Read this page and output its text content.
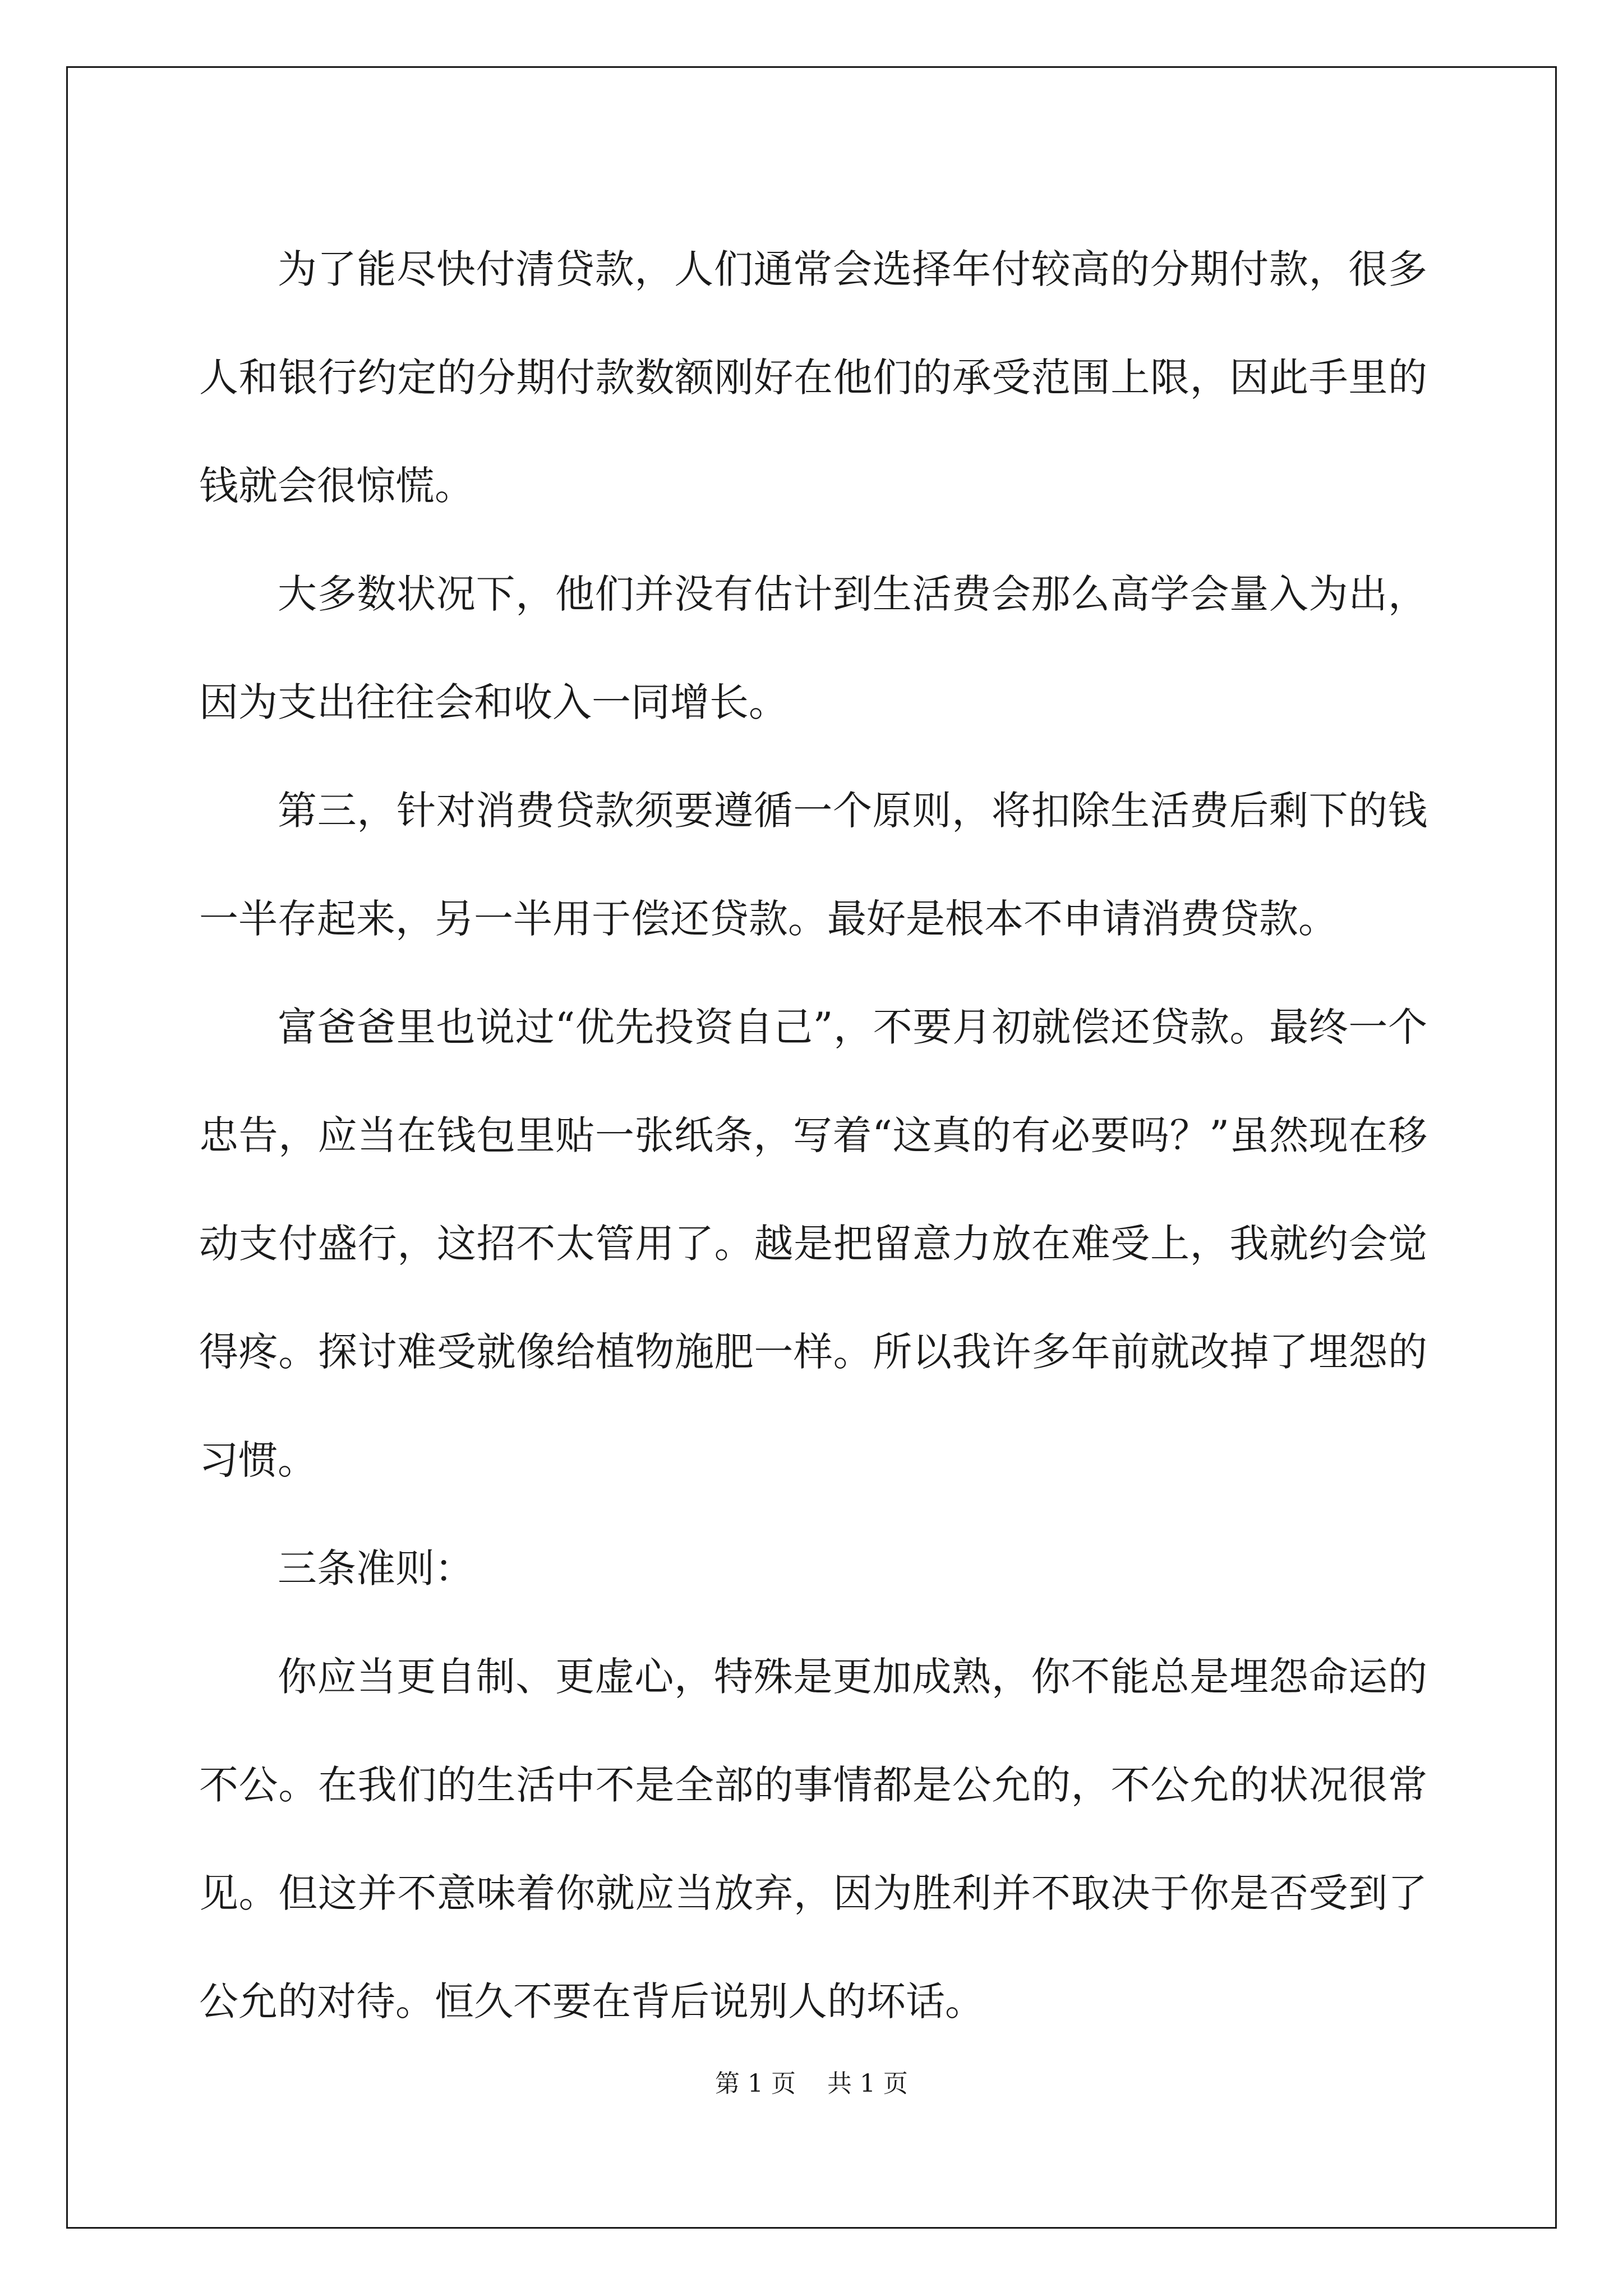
为了能尽快付清贷款，人们通常会选择年付较高的分期付款，很多人和银行约定的分期付款数额刚好在他们的承受范围上限，因此手里的钱就会很惊慌。

大多数状况下，他们并没有估计到生活费会那么高学会量入为出，因为支出往往会和收入一同增长。

第三，针对消费贷款须要遵循一个原则，将扣除生活费后剩下的钱一半存起来，另一半用于偿还贷款。最好是根本不申请消费贷款。

富爸爸里也说过“优先投资自己”，不要月初就偿还贷款。最终一个忠告，应当在钱包里贴一张纸条，写着“这真的有必要吗？”虽然现在移动支付盛行，这招不太管用了。越是把留意力放在难受上，我就约会觉得疼。探讨难受就像给植物施肥一样。所以我许多年前就改掉了埋怨的习惯。

三条准则：

你应当更自制、更虚心，特殊是更加成熟，你不能总是埋怨命运的不公。在我们的生活中不是全部的事情都是公允的，不公允的状况很常见。但这并不意味着你就应当放弃，因为胜利并不取决于你是否受到了公允的对待。恒久不要在背后说别人的坏话。

第 1 页    共 1 页
